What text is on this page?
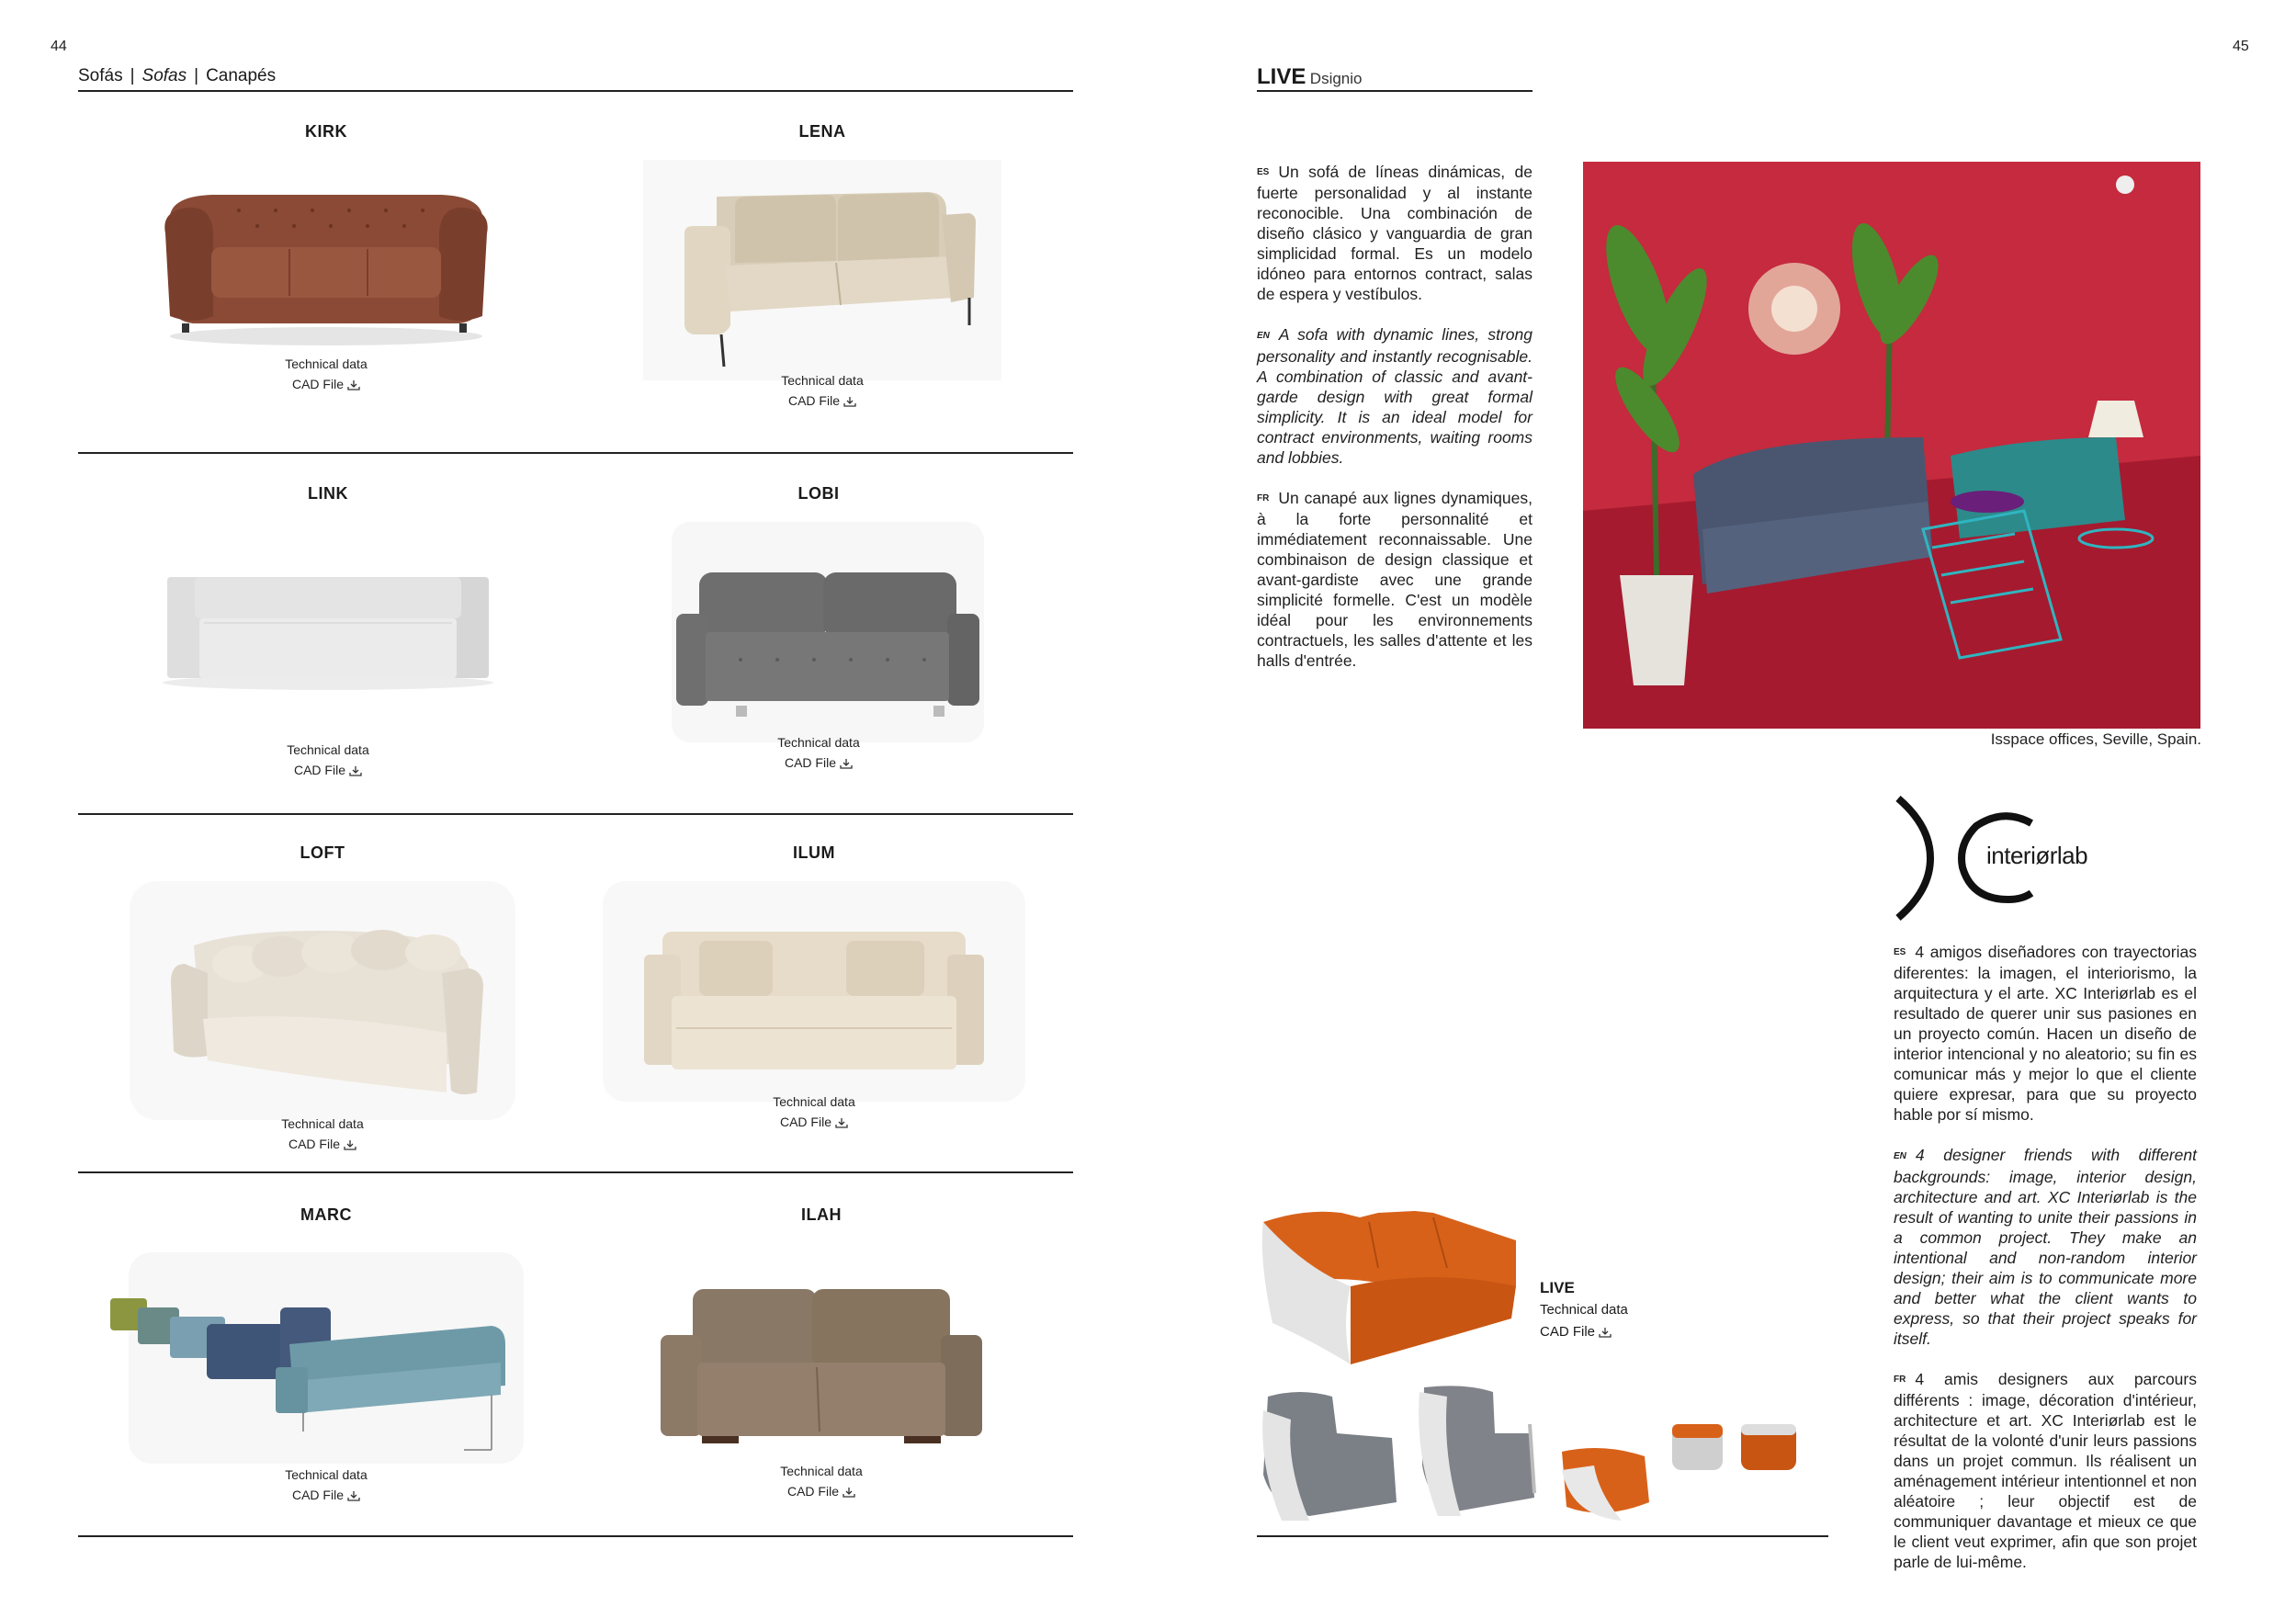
44	45
Sofás | Sofas | Canapés
KIRK
Technical data
CAD File
LENA
Technical data
CAD File
LINK
Technical data
CAD File
LOBI
Technical data
CAD File
LOFT
Technical data
CAD File
ILUM
Technical data
CAD File
MARC
Technical data
CAD File
ILAH
Technical data
CAD File
LIVE Dsignio

ES Un sofá de líneas dinámicas, de fuerte personalidad y al instante reconocible. Una combinación de diseño clásico y vanguardia de gran simplicidad formal. Es un modelo idóneo para entornos contract, salas de espera y vestíbulos.

EN A sofa with dynamic lines, strong personality and instantly recognisable. A combination of classic and avant-garde design with great formal simplicity. It is an ideal model for contract environments, waiting rooms and lobbies.

FR Un canapé aux lignes dynamiques, à la forte personnalité et immédiatement reconnaissable. Une combinaison de design classique et avant-gardiste avec une grande simplicité formelle. C'est un modèle idéal pour les environnements contractuels, les salles d'attente et les halls d'entrée.

Isspace offices, Seville, Spain.
interiørlab

ES 4 amigos diseñadores con trayectorias diferentes: la imagen, el interiorismo, la arquitectura y el arte. XC Interiørlab es el resultado de querer unir sus pasiones en un proyecto común. Hacen un diseño de interior intencional y no aleatorio; su fin es comunicar más y mejor lo que el cliente quiere expresar, para que su proyecto hable por sí mismo.

EN 4 designer friends with different backgrounds: image, interior design, architecture and art. XC Interiørlab is the result of wanting to unite their passions in a common project. They make an intentional and non-random interior design; their aim is to communicate more and better what the client wants to express, so that their project speaks for itself.

FR 4 amis designers aux parcours différents : image, décoration d'intérieur, architecture et art. XC Interiørlab est le résultat de la volonté d'unir leurs passions dans un projet commun. Ils réalisent un aménagement intérieur intentionnel et non aléatoire ; leur objectif est de communiquer davantage et mieux ce que le client veut exprimer, afin que son projet parle de lui-même.

LIVE
Technical data
CAD File
